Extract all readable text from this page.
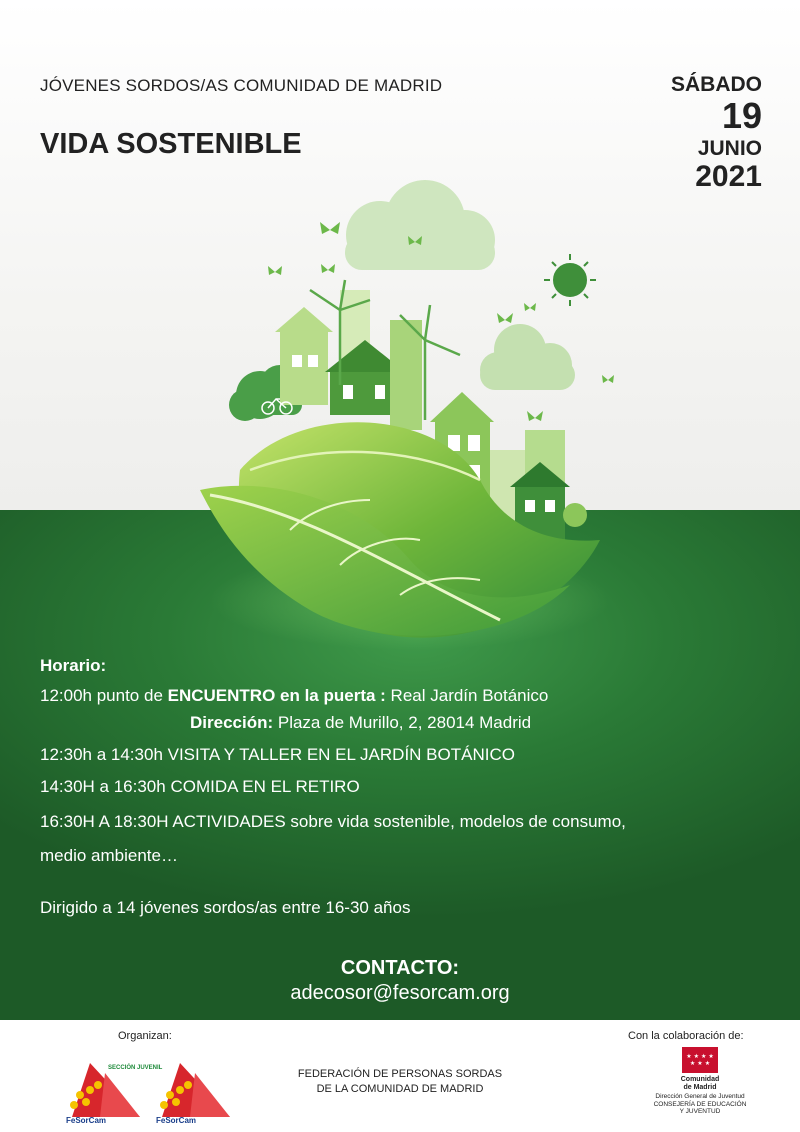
JÓVENES SORDOS/AS COMUNIDAD DE MADRID
VIDA SOSTENIBLE
SÁBADO
19
JUNIO
2021
Horario:
12:00h punto de ENCUENTRO en la puerta : Real Jardín Botánico
Dirección: Plaza de Murillo, 2, 28014 Madrid
12:30h a 14:30h VISITA Y TALLER EN EL JARDÍN BOTÁNICO
14:30H a 16:30h COMIDA EN EL RETIRO
16:30H A 18:30H ACTIVIDADES sobre vida sostenible, modelos de consumo,
medio ambiente…
Dirigido a 14 jóvenes sordos/as entre 16-30 años
CONTACTO:
adecosor@fesorcam.org
Organizan:	Con la colaboración de:
SECCIÓN JUVENIL
FeSorCam	FeSorCam
FEDERACIÓN DE PERSONAS SORDAS
DE LA COMUNIDAD DE MADRID
★ ★ ★ ★
★ ★ ★
Comunidad
de Madrid
Dirección General de Juventud
CONSEJERÍA DE EDUCACIÓN
Y JUVENTUD
